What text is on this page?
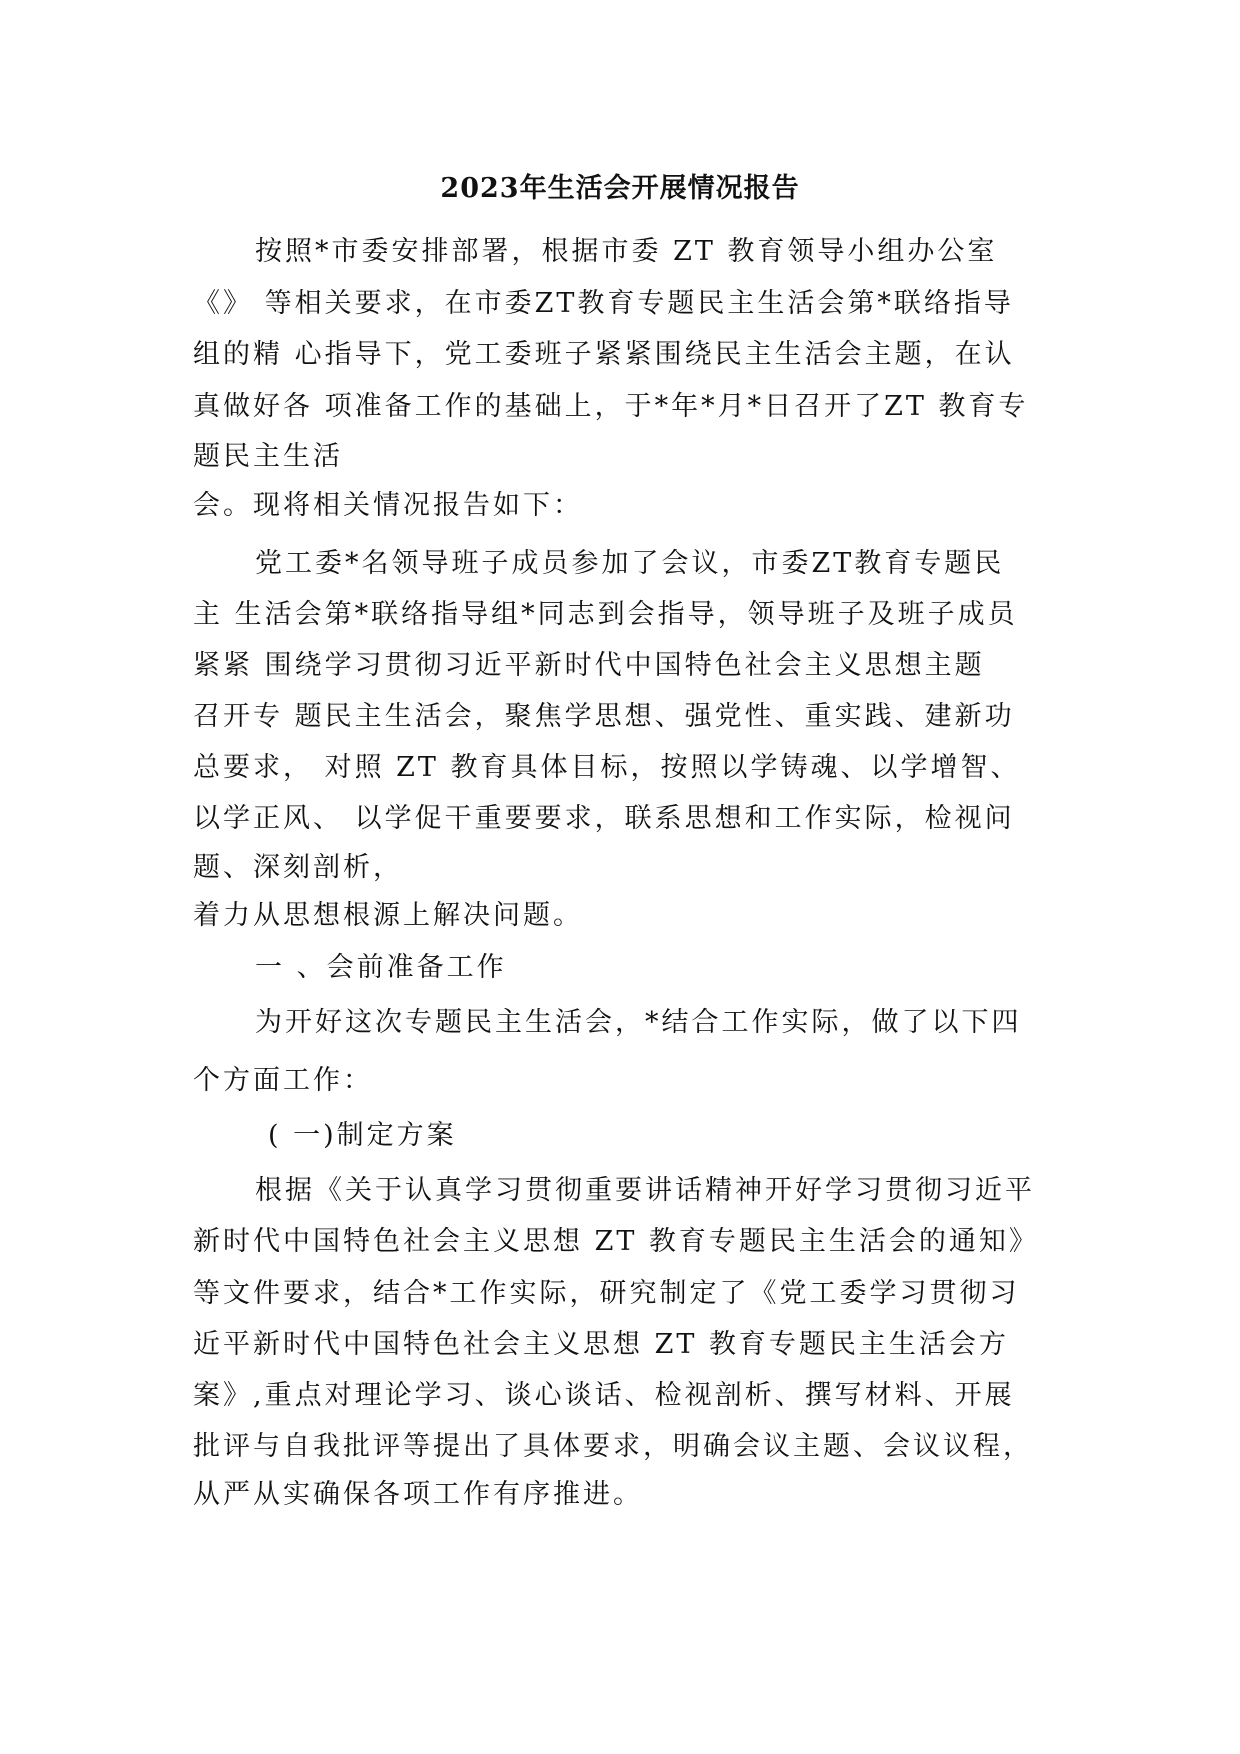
2023年生活会开展情况报告
按照*市委安排部署，根据市委 ZT 教育领导小组办公室
《》 等相关要求，在市委ZT教育专题民主生活会第*联络指导
组的精 心指导下，党工委班子紧紧围绕民主生活会主题，在认
真做好各 项准备工作的基础上，于*年*月*日召开了ZT 教育专
题民主生活
会。现将相关情况报告如下：
党工委*名领导班子成员参加了会议，市委ZT教育专题民
主 生活会第*联络指导组*同志到会指导，领导班子及班子成员
紧紧 围绕学习贯彻习近平新时代中国特色社会主义思想主题
召开专 题民主生活会，聚焦学思想、强党性、重实践、建新功
总要求， 对照 ZT 教育具体目标，按照以学铸魂、以学增智、
以学正风、 以学促干重要要求，联系思想和工作实际，检视问
题、深刻剖析，
着力从思想根源上解决问题。
一 、会前准备工作
为开好这次专题民主生活会，*结合工作实际，做了以下四
个方面工作：
( 一)制定方案
根据《关于认真学习贯彻重要讲话精神开好学习贯彻习近平
新时代中国特色社会主义思想 ZT 教育专题民主生活会的通知》
等文件要求，结合*工作实际，研究制定了《党工委学习贯彻习
近平新时代中国特色社会主义思想 ZT 教育专题民主生活会方
案》,重点对理论学习、谈心谈话、检视剖析、撰写材料、开展
批评与自我批评等提出了具体要求，明确会议主题、会议议程，
从严从实确保各项工作有序推进。
